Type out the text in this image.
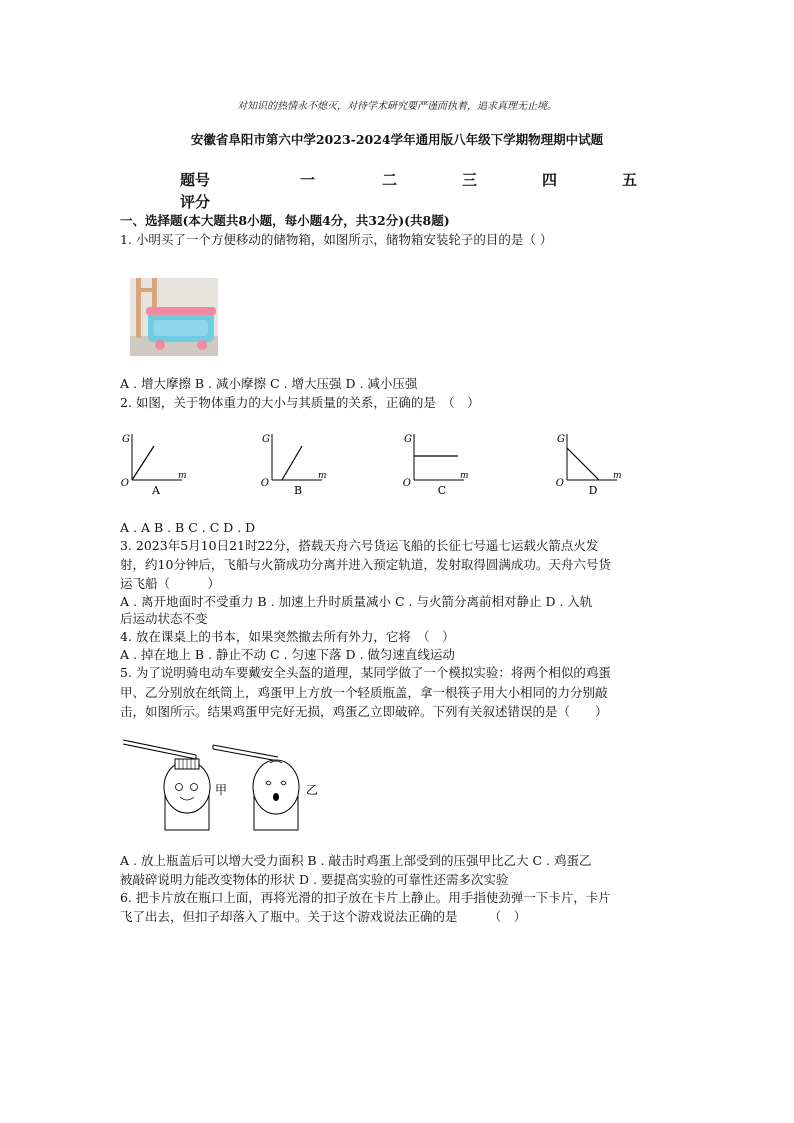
对知识的热情永不熄灭，对待学术研究要严谨而执着，追求真理无止境。
安徽省阜阳市第六中学2023-2024学年通用版八年级下学期物理期中试题
题号	一	二	三	四	五
评分
一、选择题(本大题共8小题，每小题4分，共32分)(共8题)
1. 小明买了一个方便移动的储物箱，如图所示，储物箱安装轮子的目的是（ ）
A . 增大摩擦 B . 减小摩擦 C . 增大压强 D . 减小压强
2. 如图，关于物体重力的大小与其质量的关系，正确的是　（　）
G
O
m
A
G
O
m
B
G
O
m
C
G
O
m
D
A . A B . B C . C D . D
3. 2023年5月10日21时22分，搭载天舟六号货运飞船的长征七号遥七运载火箭点火发
射，约10分钟后，飞船与火箭成功分离并进入预定轨道，发射取得圆满成功。天舟六号货
运飞船（　　　）
A . 离开地面时不受重力 B . 加速上升时质量减小 C . 与火箭分离前相对静止 D . 入轨
后运动状态不变
4. 放在课桌上的书本，如果突然撤去所有外力，它将　（　）
A . 掉在地上 B . 静止不动 C . 匀速下落 D . 做匀速直线运动
5. 为了说明骑电动车要戴安全头盔的道理，某同学做了一个模拟实验：将两个相似的鸡蛋
甲、乙分别放在纸筒上，鸡蛋甲上方放一个轻质瓶盖，拿一根筷子用大小相同的力分别敲
击，如图所示。结果鸡蛋甲完好无损，鸡蛋乙立即破碎。下列有关叙述错误的是（　　）
甲	乙
A . 放上瓶盖后可以增大受力面积 B . 敲击时鸡蛋上部受到的压强甲比乙大 C . 鸡蛋乙
被敲碎说明力能改变物体的形状 D . 要提高实验的可靠性还需多次实验
6. 把卡片放在瓶口上面，再将光滑的扣子放在卡片上静止。用手指使劲弹一下卡片，卡片
飞了出去，但扣子却落入了瓶中。关于这个游戏说法正确的是　　　（　）
